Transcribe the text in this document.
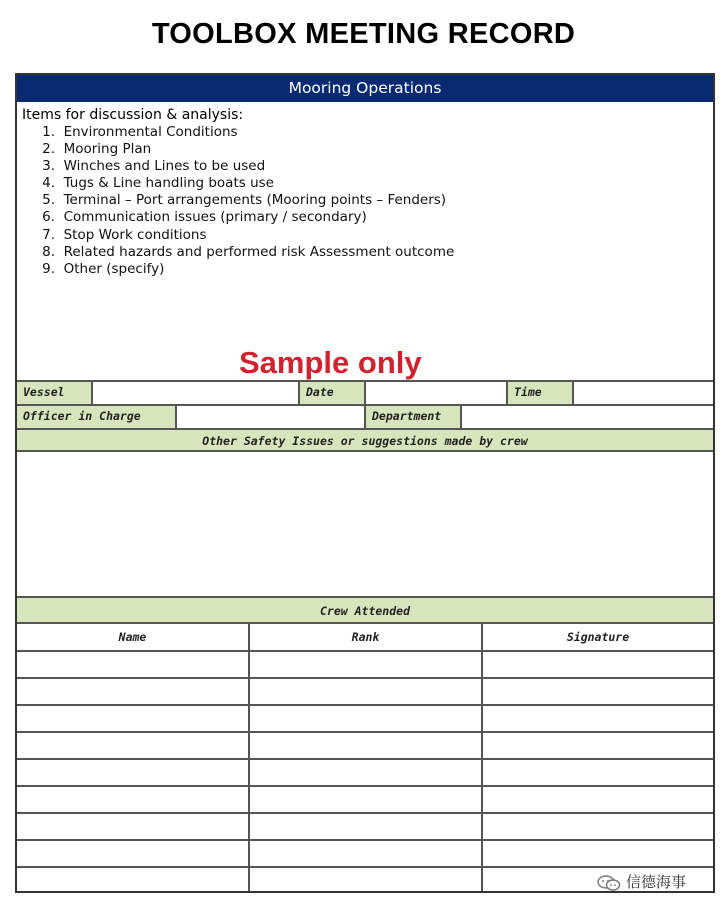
TOOLBOX MEETING RECORD
Mooring Operations
Items for discussion & analysis:
1. Environmental Conditions
2. Mooring Plan
3. Winches and Lines to be used
4. Tugs & Line handling boats use
5. Terminal – Port arrangements (Mooring points – Fenders)
6. Communication issues (primary / secondary)
7. Stop Work conditions
8. Related hazards and performed risk Assessment outcome
9. Other (specify)
Sample only
Vessel	Date	Time
Officer in Charge	Department
Other Safety Issues or suggestions made by crew
Crew Attended
Name	Rank	Signature
信德海事
